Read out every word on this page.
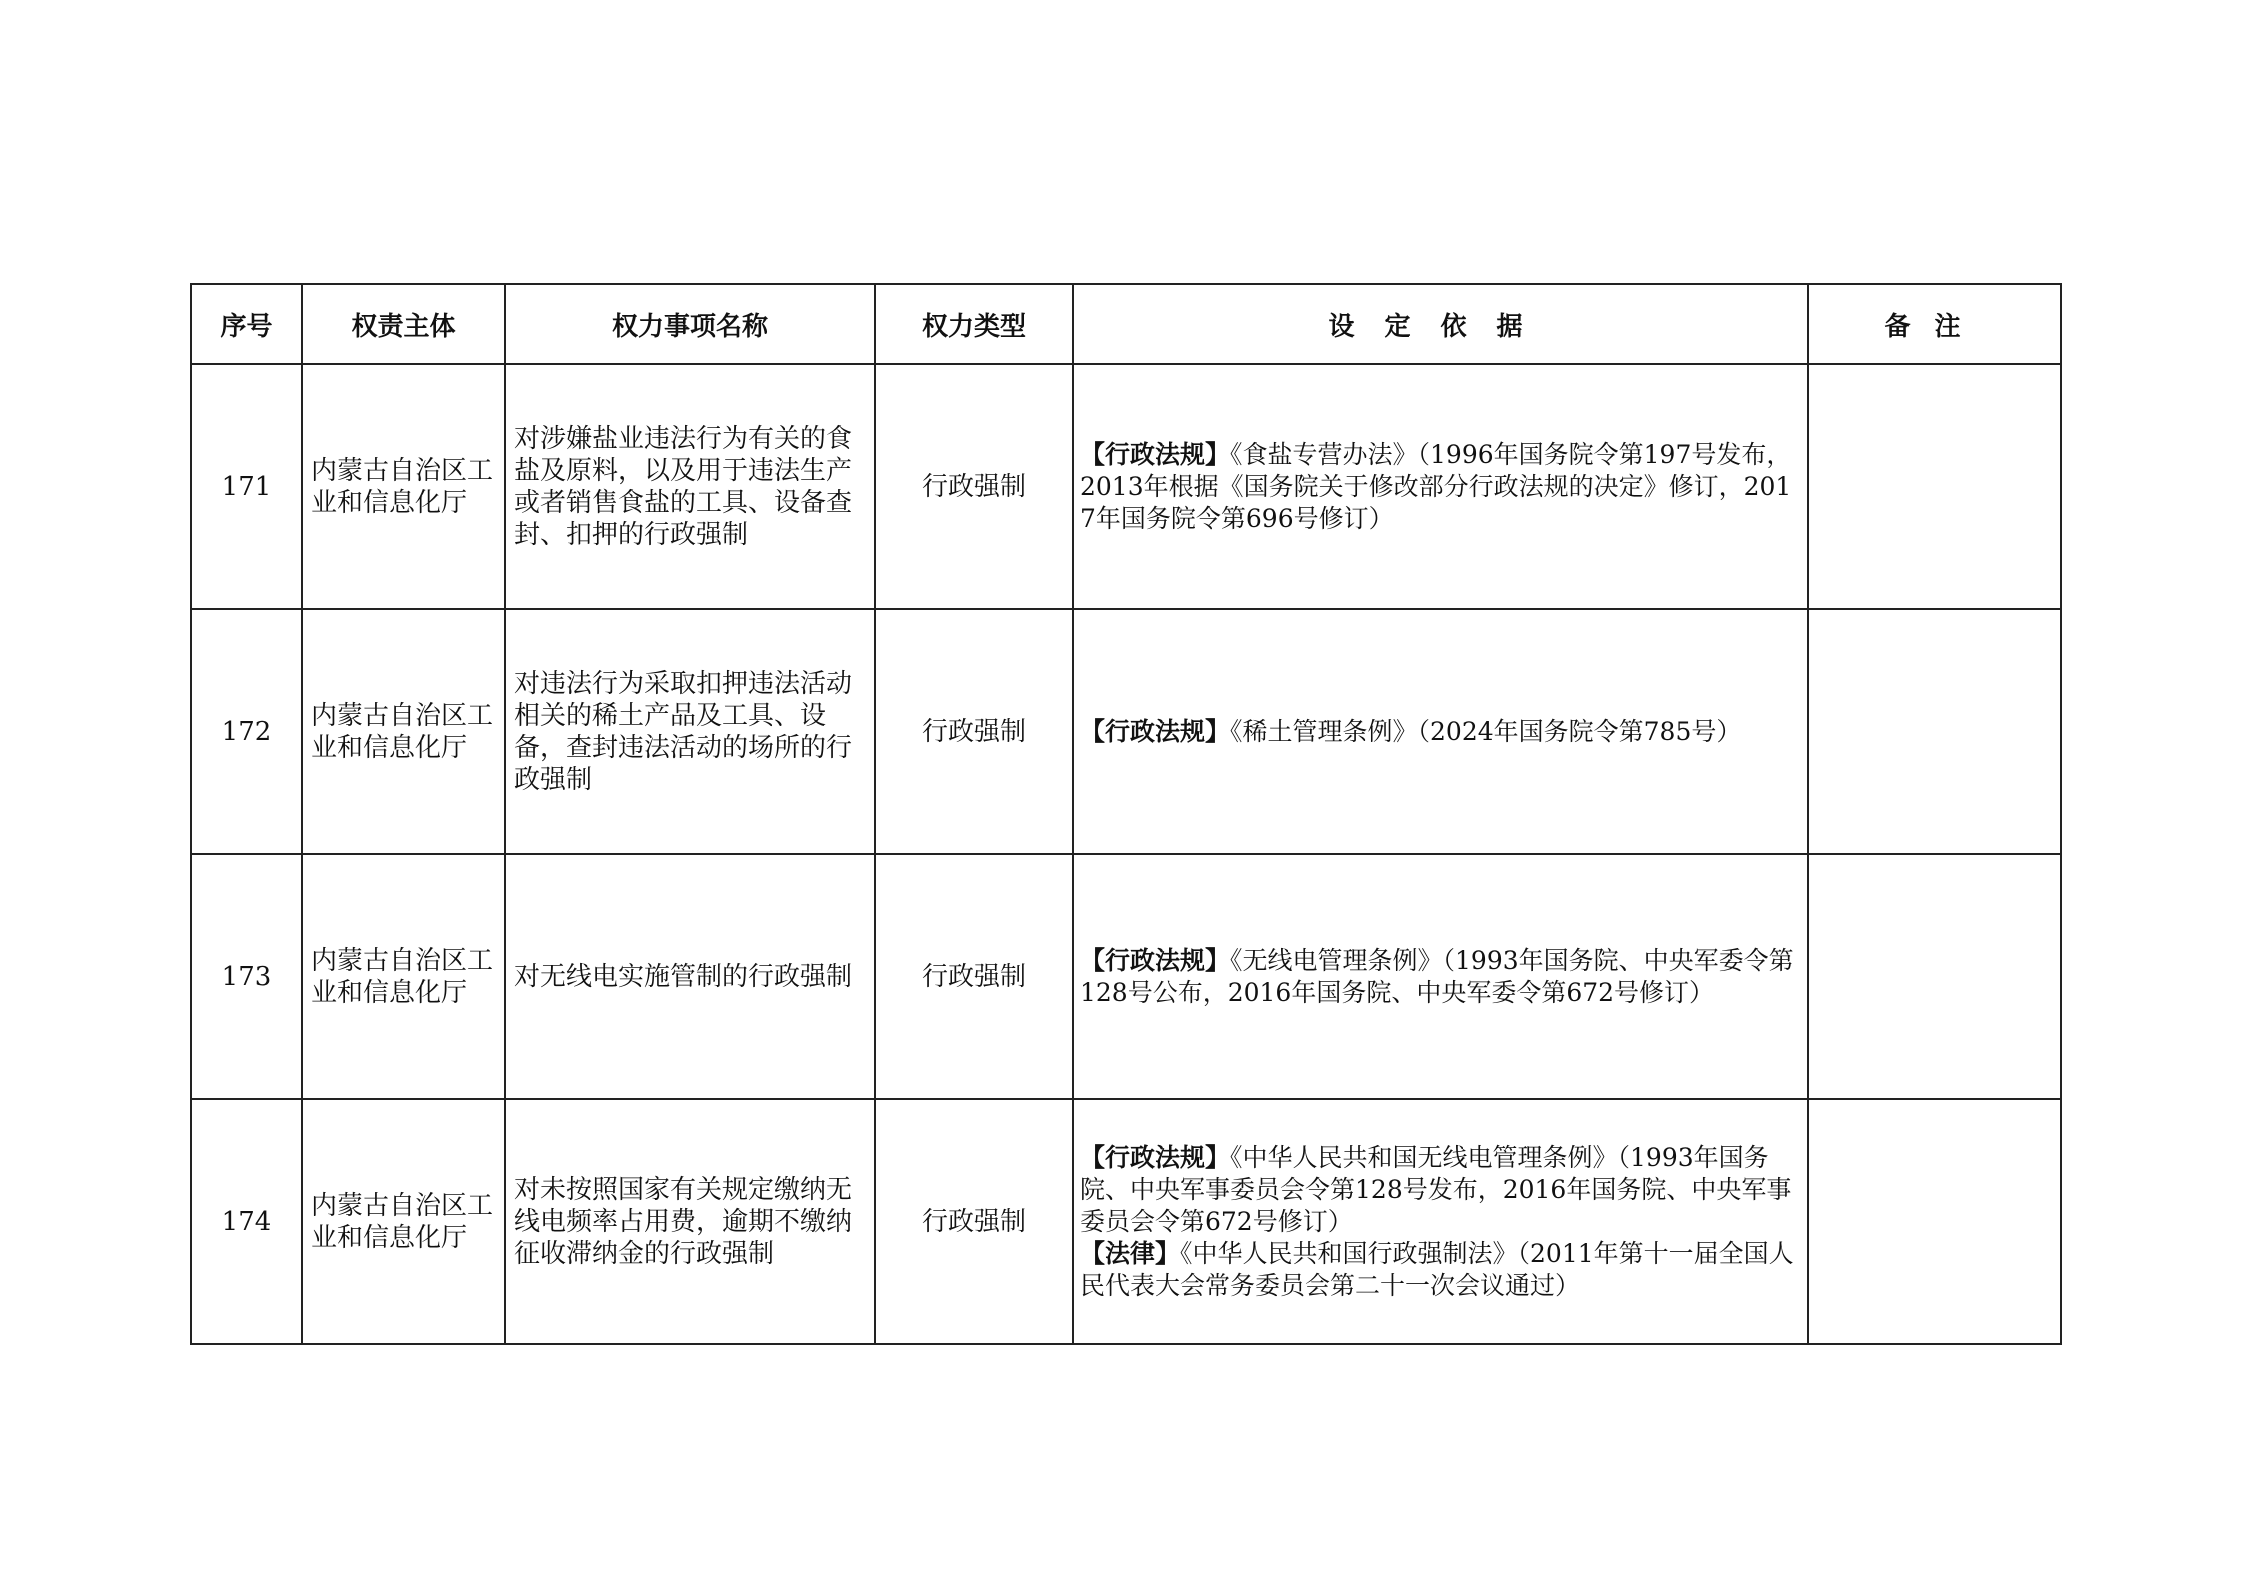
序号	权责主体	权力事项名称	权力类型	设定依据	备注
171	内蒙古自治区工业和信息化厅	对涉嫌盐业违法行为有关的食盐及原料，以及用于违法生产或者销售食盐的工具、设备查封、扣押的行政强制	行政强制	【行政法规】《食盐专营办法》（1996年国务院令第197号发布，2013年根据《国务院关于修改部分行政法规的决定》修订，2017年国务院令第696号修订）	

172	内蒙古自治区工业和信息化厅	对违法行为采取扣押违法活动相关的稀土产品及工具、设备，查封违法活动的场所的行政强制	行政强制	【行政法规】《稀土管理条例》（2024年国务院令第785号）	

173	内蒙古自治区工业和信息化厅	对无线电实施管制的行政强制	行政强制	【行政法规】《无线电管理条例》（1993年国务院、中央军委令第128号公布，2016年国务院、中央军委令第672号修订）	

174	内蒙古自治区工业和信息化厅	对未按照国家有关规定缴纳无线电频率占用费，逾期不缴纳征收滞纳金的行政强制	行政强制	【行政法规】《中华人民共和国无线电管理条例》（1993年国务院、中央军事委员会令第128号发布，2016年国务院、中央军事委员会令第672号修订）
【法律】《中华人民共和国行政强制法》（2011年第十一届全国人民代表大会常务委员会第二十一次会议通过）	
